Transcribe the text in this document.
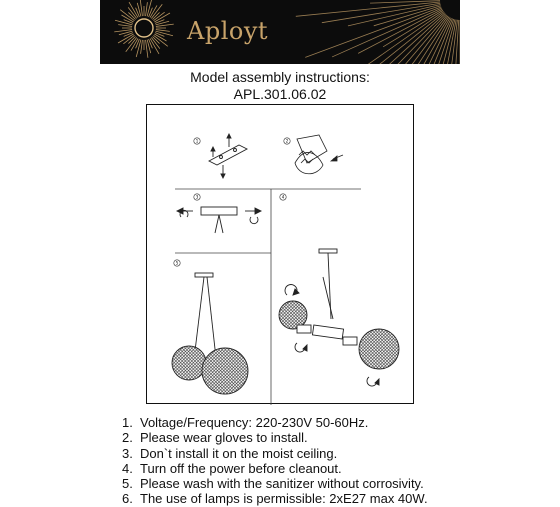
Aployt
Model assembly instructions:
APL.301.06.02
1	2
3	4
5
1. Voltage/Frequency: 220-230V 50-60Hz.
2. Please wear gloves to install.
3. Don`t install it on the moist ceiling.
4. Turn off the power before cleanout.
5. Please wash with the sanitizer without corrosivity.
6. The use of lamps is permissible: 2xE27 max 40W.
